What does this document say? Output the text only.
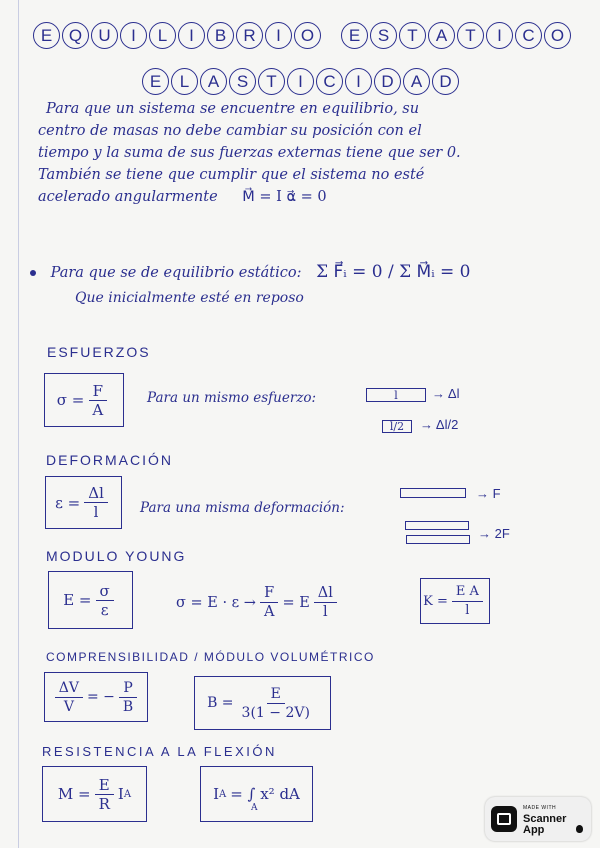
E Q U	I	L	I	B	R	I	O	E	S	T	A	T	I	C O
E	L	A	S	T	I	C	I	D	A	D

Para que un sistema se encuentre en equilibrio, su

centro de masas no debe cambiar su posición con el

tiempo y la suma de sus fuerzas externas tiene que ser 0.

También se tiene que cumplir que el sistema no esté

acelerado angularmente M⃗ = I α⃗ = 0

Para que se de equilibrio estático: Σ F⃗ᵢ = 0 / Σ M⃗ᵢ = 0
Que inicialmente esté en reposo
ESFUERZOS
$\sigma = \frac{F}{A}$	Para un mismo esfuerzo:	l	→ Δl
l/2 → Δl/2
DEFORMACIÓN
$\varepsilon = \frac{\Delta l}{l}$ Para una misma deformación:
→ F
→ 2F
MODULO YOUNG
$E = \frac{\sigma}{\varepsilon}$	$\sigma = E \cdot \varepsilon \to \frac{F}{A} = E \frac{\Delta l}{l}$	$K = \frac{\text{E A}}{l}$
COMPRENSIBILIDAD / MÓDULO VOLUMÉTRICO
$\frac{\Delta V}{V}$ = − $\frac{P}{B}$	$B = \frac{E}{3(1 - 2V)}$
RESISTENCIA A LA FLEXIÓN
$M = \frac{E}{R}$ I A	I A = ∫ x² dA
A	MADE WITH
Scanner
App
